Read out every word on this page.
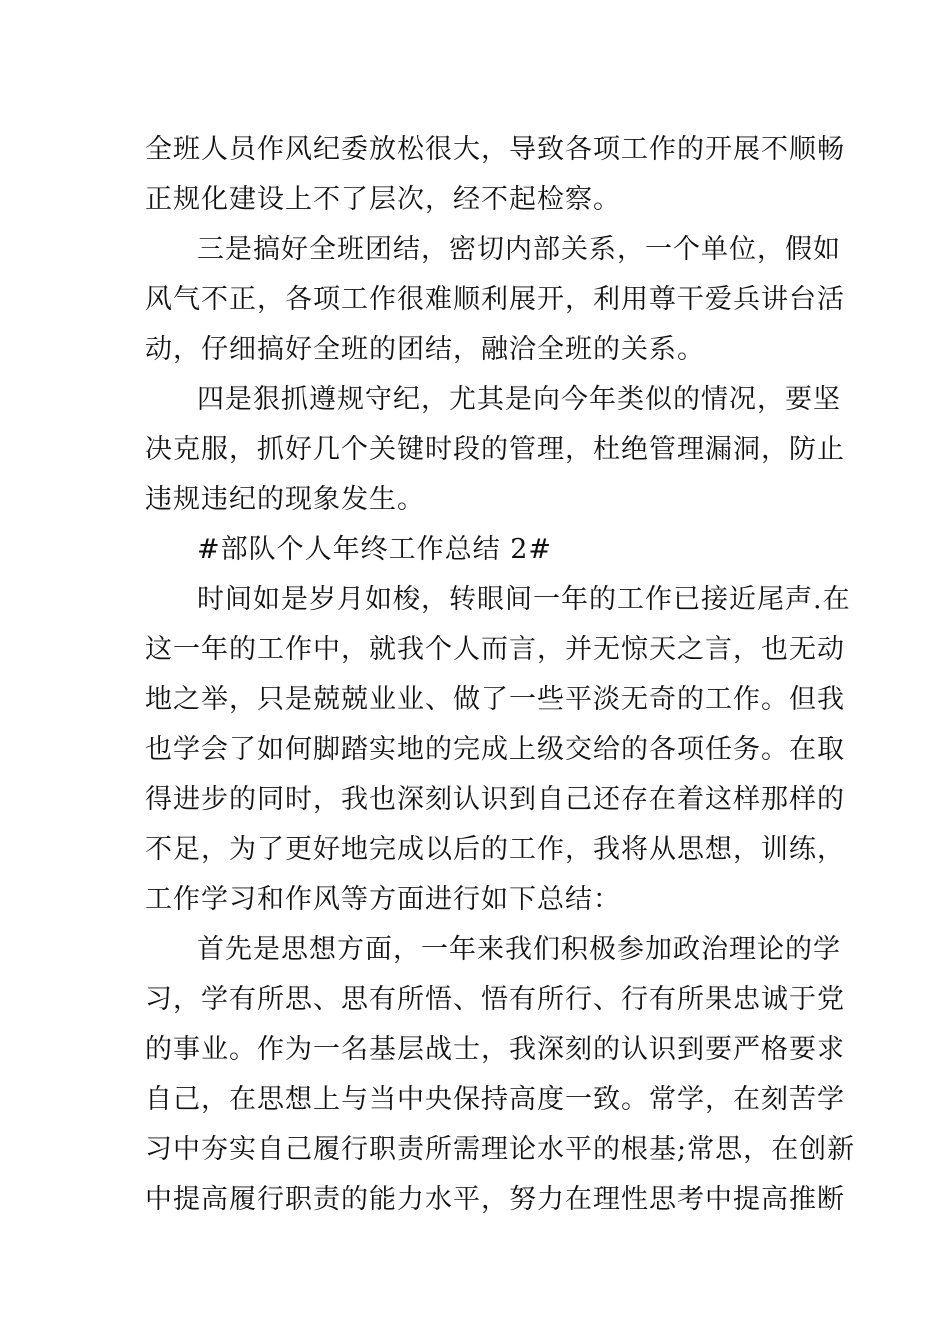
全班人员作风纪委放松很大，导致各项工作的开展不顺畅
正规化建设上不了层次，经不起检察。
三是搞好全班团结，密切内部关系，一个单位，假如
风气不正，各项工作很难顺利展开，利用尊干爱兵讲台活
动，仔细搞好全班的团结，融洽全班的关系。
四是狠抓遵规守纪，尤其是向今年类似的情况，要坚
决克服，抓好几个关键时段的管理，杜绝管理漏洞，防止
违规违纪的现象发生。
#部队个人年终工作总结 2#
时间如是岁月如梭，转眼间一年的工作已接近尾声.在
这一年的工作中，就我个人而言，并无惊天之言，也无动
地之举，只是兢兢业业、做了一些平淡无奇的工作。但我
也学会了如何脚踏实地的完成上级交给的各项任务。在取
得进步的同时，我也深刻认识到自己还存在着这样那样的
不足，为了更好地完成以后的工作，我将从思想，训练，
工作学习和作风等方面进行如下总结：
首先是思想方面，一年来我们积极参加政治理论的学
习，学有所思、思有所悟、悟有所行、行有所果忠诚于党
的事业。作为一名基层战士，我深刻的认识到要严格要求
自己，在思想上与当中央保持高度一致。常学，在刻苦学
习中夯实自己履行职责所需理论水平的根基;常思，在创新
中提高履行职责的能力水平，努力在理性思考中提高推断
